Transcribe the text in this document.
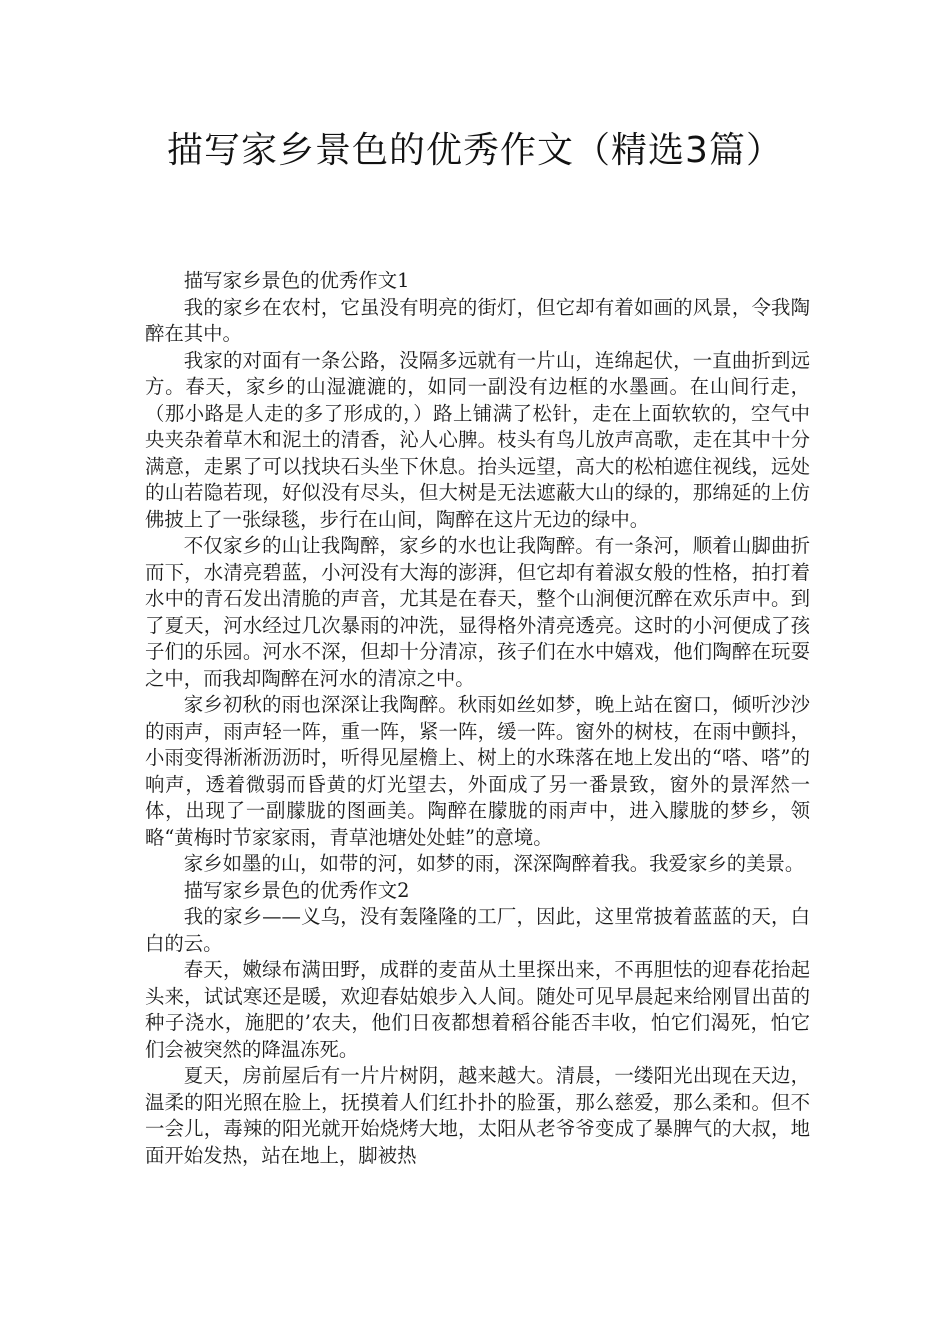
描写家乡景色的优秀作文（精选3篇）

描写家乡景色的优秀作文1

我的家乡在农村，它虽没有明亮的街灯，但它却有着如画的风景，令我陶醉在其中。

我家的对面有一条公路，没隔多远就有一片山，连绵起伏，一直曲折到远方。春天，家乡的山湿漉漉的，如同一副没有边框的水墨画。在山间行走，（那小路是人走的多了形成的，）路上铺满了松针，走在上面软软的，空气中央夹杂着草木和泥土的清香，沁人心脾。枝头有鸟儿放声高歌，走在其中十分满意，走累了可以找块石头坐下休息。抬头远望，高大的松柏遮住视线，远处的山若隐若现，好似没有尽头，但大树是无法遮蔽大山的绿的，那绵延的上仿佛披上了一张绿毯，步行在山间，陶醉在这片无边的绿中。

不仅家乡的山让我陶醉，家乡的水也让我陶醉。有一条河，顺着山脚曲折而下，水清亮碧蓝，小河没有大海的澎湃，但它却有着淑女般的性格，拍打着水中的青石发出清脆的声音，尤其是在春天，整个山涧便沉醉在欢乐声中。到了夏天，河水经过几次暴雨的冲洗，显得格外清亮透亮。这时的小河便成了孩子们的乐园。河水不深，但却十分清凉，孩子们在水中嬉戏，他们陶醉在玩耍之中，而我却陶醉在河水的清凉之中。

家乡初秋的雨也深深让我陶醉。秋雨如丝如梦，晚上站在窗口，倾听沙沙的雨声，雨声轻一阵，重一阵，紧一阵，缓一阵。窗外的树枝，在雨中颤抖，小雨变得淅淅沥沥时，听得见屋檐上、树上的水珠落在地上发出的“嗒、嗒”的响声，透着微弱而昏黄的灯光望去，外面成了另一番景致，窗外的景浑然一体，出现了一副朦胧的图画美。陶醉在朦胧的雨声中，进入朦胧的梦乡，领略“黄梅时节家家雨，青草池塘处处蛙”的意境。

家乡如墨的山，如带的河，如梦的雨，深深陶醉着我。我爱家乡的美景。

描写家乡景色的优秀作文2

我的家乡——义乌，没有轰隆隆的工厂，因此，这里常披着蓝蓝的天，白白的云。

春天，嫩绿布满田野，成群的麦苗从土里探出来，不再胆怯的迎春花抬起头来，试试寒还是暖，欢迎春姑娘步入人间。随处可见早晨起来给刚冒出苗的种子浇水，施肥的’农夫，他们日夜都想着稻谷能否丰收，怕它们渴死，怕它们会被突然的降温冻死。

夏天，房前屋后有一片片树阴，越来越大。清晨，一缕阳光出现在天边，温柔的阳光照在脸上，抚摸着人们红扑扑的脸蛋，那么慈爱，那么柔和。但不一会儿，毒辣的阳光就开始烧烤大地，太阳从老爷爷变成了暴脾气的大叔，地面开始发热，站在地上，脚被热
